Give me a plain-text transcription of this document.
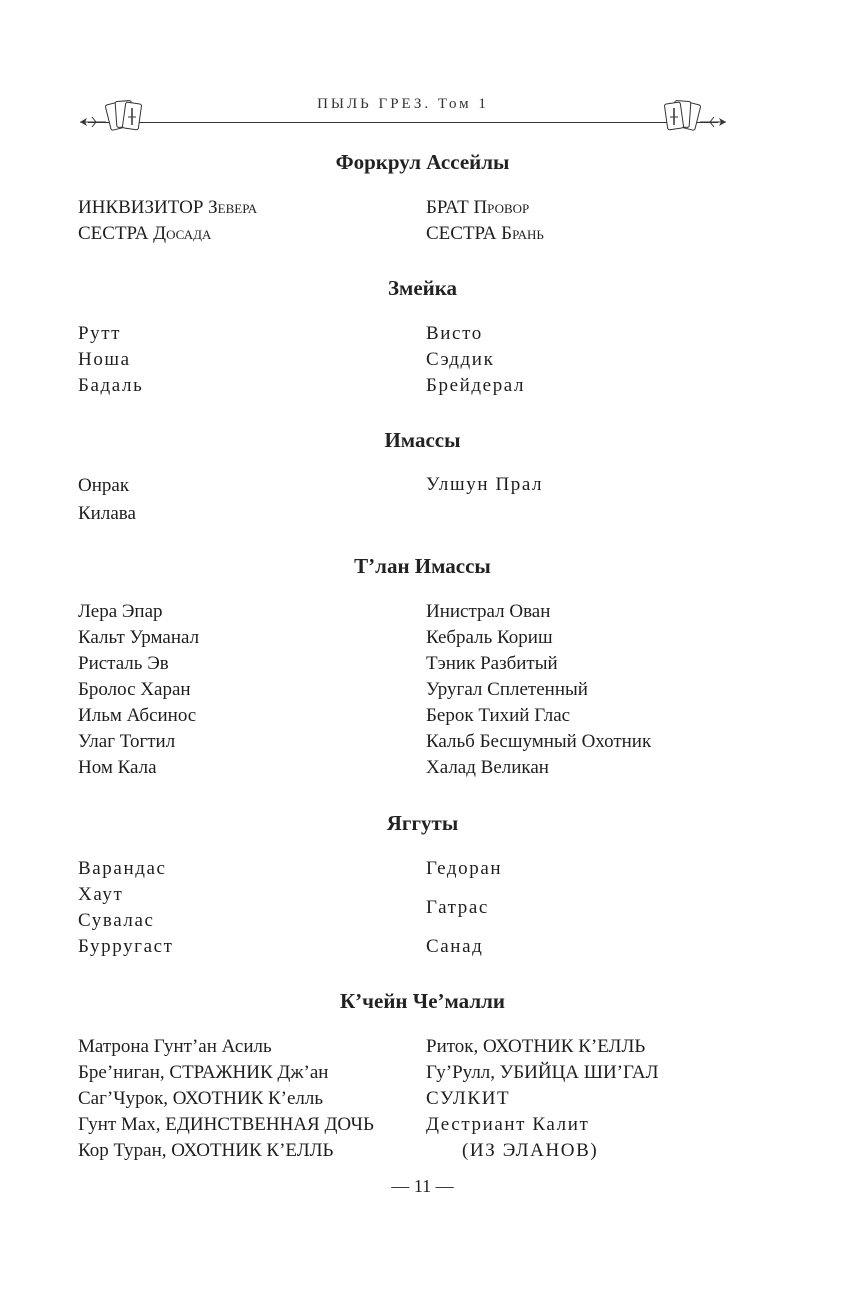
ПЫЛЬ ГРЕЗ. Том 1
Форкрул Ассейлы
ИНКВИЗИТОР Зевера
СЕСТРА Досада
БРАТ Провор
СЕСТРА Брань
Змейка
Рутт
Ноша
Бадаль
Висто
Сэддик
Брейдерал
Имассы
Онрак
Килава
Улшун Прал
Т’лан Имассы
Лера Эпар
Кальт Урманал
Ристаль Эв
Бролос Харан
Ильм Абсинос
Улаг Тогтил
Ном Кала
Инистрал Ован
Кебраль Кориш
Тэник Разбитый
Уругал Сплетенный
Берок Тихий Глас
Кальб Бесшумный Охотник
Халад Великан
Яггуты
Варандас
Хаут
Сувалас
Бурругаст
Гедоран
Гатрас
Санад
К’чейн Че’малли
Матрона Гунт’ан Асиль
Бре’ниган, СТРАЖНИК Дж’ан
Саг’Чурок, ОХОТНИК К’елль
Гунт Мах, ЕДИНСТВЕННАЯ ДОЧЬ
Кор Туран, ОХОТНИК К’ЕЛЛЬ
Риток, ОХОТНИК К’ЕЛЛЬ
Гу’Рулл, УБИЙЦА ШИ’ГАЛ
СУЛКИТ
Дестриант Калит
(ИЗ ЭЛАНОВ)
— 11 —
